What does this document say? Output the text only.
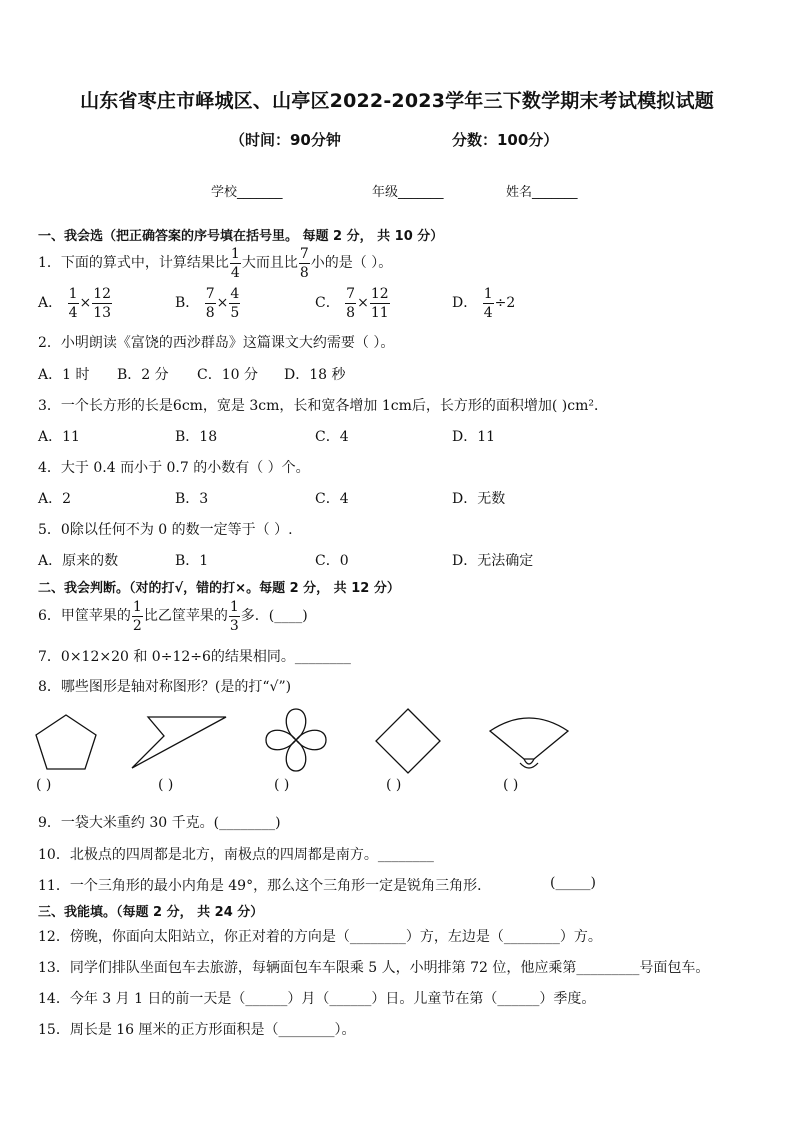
山东省枣庄市峄城区、山亭区2022-2023学年三下数学期末考试模拟试题
（时间：90分钟	分数：100分）
学校_______	年级_______	姓名_______
一、我会选（把正确答案的序号填在括号里。 每题 2 分， 共 10 分）
1．下面的算式中，计算结果比 $\frac{1}{4}$ 大而且比 $\frac{7}{8}$ 小的是（ ）。
A． $\frac{1}{4} \times \frac{12}{13}$	B． $\frac{7}{8} \times \frac{4}{5}$	C． $\frac{7}{8} \times \frac{12}{11}$	D． $\frac{1}{4} \div 2$
2．小明朗读《富饶的西沙群岛》这篇课文大约需要（ ）。
A．1 时 B．2 分 C．10 分 D．18 秒
3．一个长方形的长是6cm，宽是 3cm，长和宽各增加 1cm后，长方形的面积增加( )cm²．
A．11	B．18	C．4	D．11
4．大于 0.4 而小于 0.7 的小数有（ ）个。
A．2	B．3	C．4	D．无数
5．0除以任何不为 0 的数一定等于（ ）.
A．原来的数	B．1	C．0	D．无法确定
二、我会判断。（对的打√，错的打×。每题 2 分， 共 12 分）
6．甲筐苹果的 $\frac{1}{2}$ 比乙筐苹果的 $\frac{1}{3}$ 多．(____)
7．0×12×20 和 0÷12÷6的结果相同。________
8．哪些图形是轴对称图形？(是的打“√”)
( )	( )	( )	( )	( )
9．一袋大米重约 30 千克。(________)
10．北极点的四周都是北方，南极点的四周都是南方。________
11．一个三角形的最小内角是 49°，那么这个三角形一定是锐角三角形．	(_____)
三、我能填。（每题 2 分， 共 24 分）
12．傍晚，你面向太阳站立，你正对着的方向是（________）方，左边是（________）方。
13．同学们排队坐面包车去旅游，每辆面包车车限乘 5 人，小明排第 72 位，他应乘第_________号面包车。
14．今年 3 月 1 日的前一天是（______）月（______）日。儿童节在第（______）季度。
15．周长是 16 厘米的正方形面积是（________）。
